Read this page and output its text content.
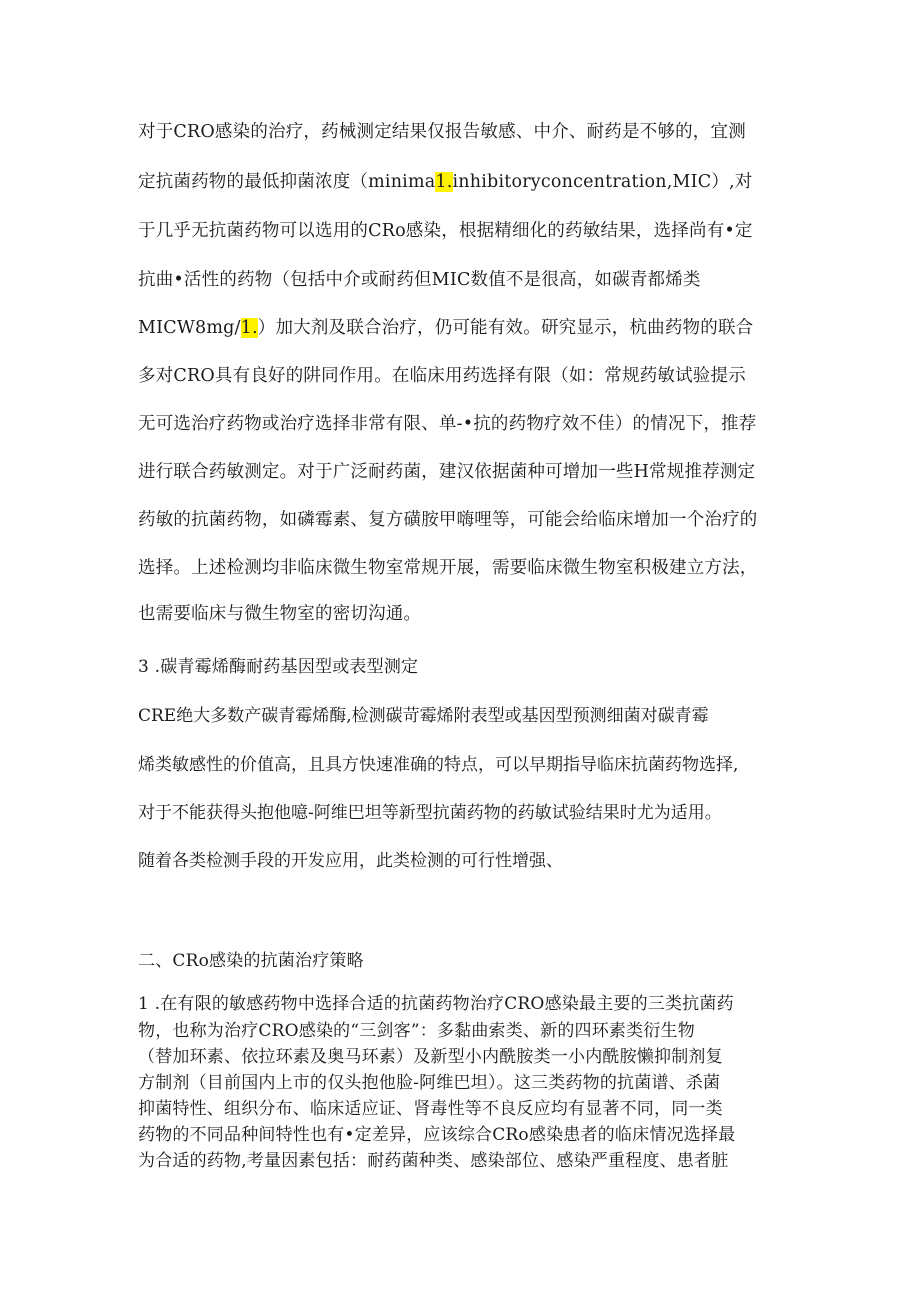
对于CRO感染的治疗，药械测定结果仅报告敏感、中介、耐药是不够的，宜测
定抗菌药物的最低抑菌浓度（minima1.inhibitoryconcentration,MIC）,对
于几乎无抗菌药物可以选用的CRo感染，根据精细化的药敏结果，选择尚有•定
抗曲•活性的药物（包括中介或耐药但MIC数值不是很高，如碳青都烯类
MICW8mg/1.）加大剂及联合治疗，仍可能有效。研究显示，杭曲药物的联合
多对CRO具有良好的阱同作用。在临床用药选择有限（如：常规药敏试验提示
无可选治疗药物或治疗选择非常有限、单-•抗的药物疗效不佳）的情况下，推荐
进行联合药敏测定。对于广泛耐药菌，建汉依据菌种可增加一些H常规推荐测定
药敏的抗菌药物，如磷霉素、复方磺胺甲嗨哩等，可能会给临床增加一个治疗的
选择。上述检测均非临床微生物室常规开展，需要临床微生物室积极建立方法，
也需要临床与微生物室的密切沟通。
3 .碳青霉烯酶耐药基因型或表型测定
CRE绝大多数产碳青霉烯酶,检测碳苛霉烯附表型或基因型预测细菌对碳青霉
烯类敏感性的价值高，且具方快速准确的特点，可以早期指导临床抗菌药物选择,
对于不能获得头抱他噫-阿维巴坦等新型抗菌药物的药敏试验结果时尤为适用。
随着各类检测手段的开发应用，此类检测的可行性增强、
二、CRo感染的抗菌治疗策略
1 .在有限的敏感药物中选择合适的抗菌药物治疗CRO感染最主要的三类抗菌药
物，也称为治疗CRO感染的“三剑客”：多黏曲索类、新的四环素类衍生物
（替加环素、依拉环素及奥马环素）及新型小内酰胺类一小内酰胺懒抑制剂复
方制剂（目前国内上市的仅头抱他脸-阿维巴坦）。这三类药物的抗菌谱、杀菌
抑菌特性、组织分布、临床适应证、肾毒性等不良反应均有显著不同，同一类
药物的不同品种间特性也有•定差异，应该综合CRo感染患者的临床情况选择最
为合适的药物,考量因素包括：耐药菌种类、感染部位、感染严重程度、患者脏
